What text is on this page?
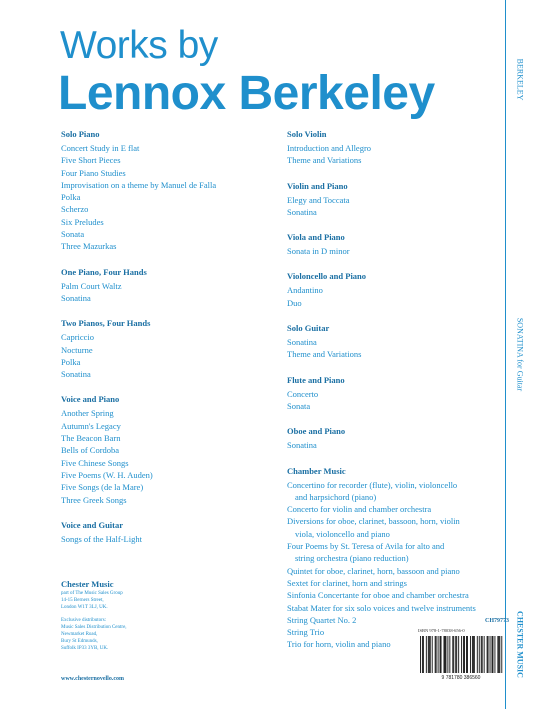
Works by
Lennox Berkeley
Solo Piano
Concert Study in E flat
Five Short Pieces
Four Piano Studies
Improvisation on a theme by Manuel de Falla
Polka
Scherzo
Six Preludes
Sonata
Three Mazurkas
One Piano, Four Hands
Palm Court Waltz
Sonatina
Two Pianos, Four Hands
Capriccio
Nocturne
Polka
Sonatina
Voice and Piano
Another Spring
Autumn's Legacy
The Beacon Barn
Bells of Cordoba
Five Chinese Songs
Five Poems (W. H. Auden)
Five Songs (de la Mare)
Three Greek Songs
Voice and Guitar
Songs of the Half-Light
Solo Violin
Introduction and Allegro
Theme and Variations
Violin and Piano
Elegy and Toccata
Sonatina
Viola and Piano
Sonata in D minor
Violoncello and Piano
Andantino
Duo
Solo Guitar
Sonatina
Theme and Variations
Flute and Piano
Concerto
Sonata
Oboe and Piano
Sonatina
Chamber Music
Concertino for recorder (flute), violin, violoncello
and harpsichord (piano)
Concerto for violin and chamber orchestra
Diversions for oboe, clarinet, bassoon, horn, violin
viola, violoncello and piano
Four Poems by St. Teresa of Avila for alto and
string orchestra (piano reduction)
Quintet for oboe, clarinet, horn, bassoon and piano
Sextet for clarinet, horn and strings
Sinfonia Concertante for oboe and chamber orchestra
Stabat Mater for six solo voices and twelve instruments
String Quartet No. 2
String Trio
Trio for horn, violin and piano
Chester Music
part of The Music Sales Group
14-15 Berners Street,
London W1T 3LJ, UK.
Exclusive distributors:
Music Sales Distribution Centre,
Newmarket Road,
Bury St Edmunds,
Suffolk IP33 3YB, UK.
www.chesternovello.com
BERKELEY
SONATINA for Guitar
CHESTER MUSIC
CH79773
ISBN 978-1-78038-656-0
9 781780 386560
